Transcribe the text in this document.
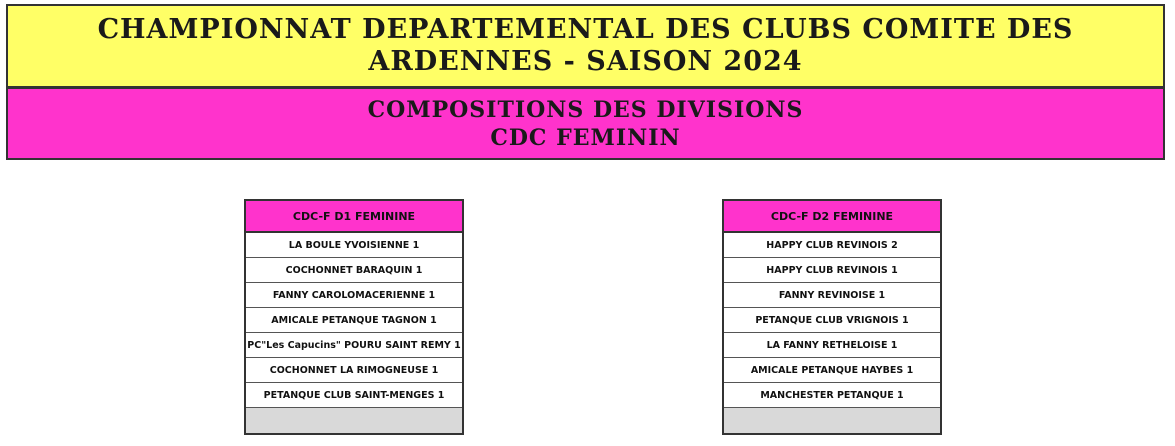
CHAMPIONNAT DEPARTEMENTAL DES CLUBS COMITE DES
ARDENNES - SAISON 2024
COMPOSITIONS DES DIVISIONS
CDC FEMININ
CDC-F D1 FEMININE
LA BOULE YVOISIENNE 1
COCHONNET BARAQUIN 1
FANNY CAROLOMACERIENNE 1
AMICALE PETANQUE TAGNON 1
PC"Les Capucins" POURU SAINT REMY 1
COCHONNET LA RIMOGNEUSE 1
PETANQUE CLUB SAINT-MENGES 1
CDC-F D2 FEMININE
HAPPY CLUB REVINOIS 2
HAPPY CLUB REVINOIS 1
FANNY REVINOISE 1
PETANQUE CLUB VRIGNOIS 1
LA FANNY RETHELOISE 1
AMICALE PETANQUE HAYBES 1
MANCHESTER PETANQUE 1
